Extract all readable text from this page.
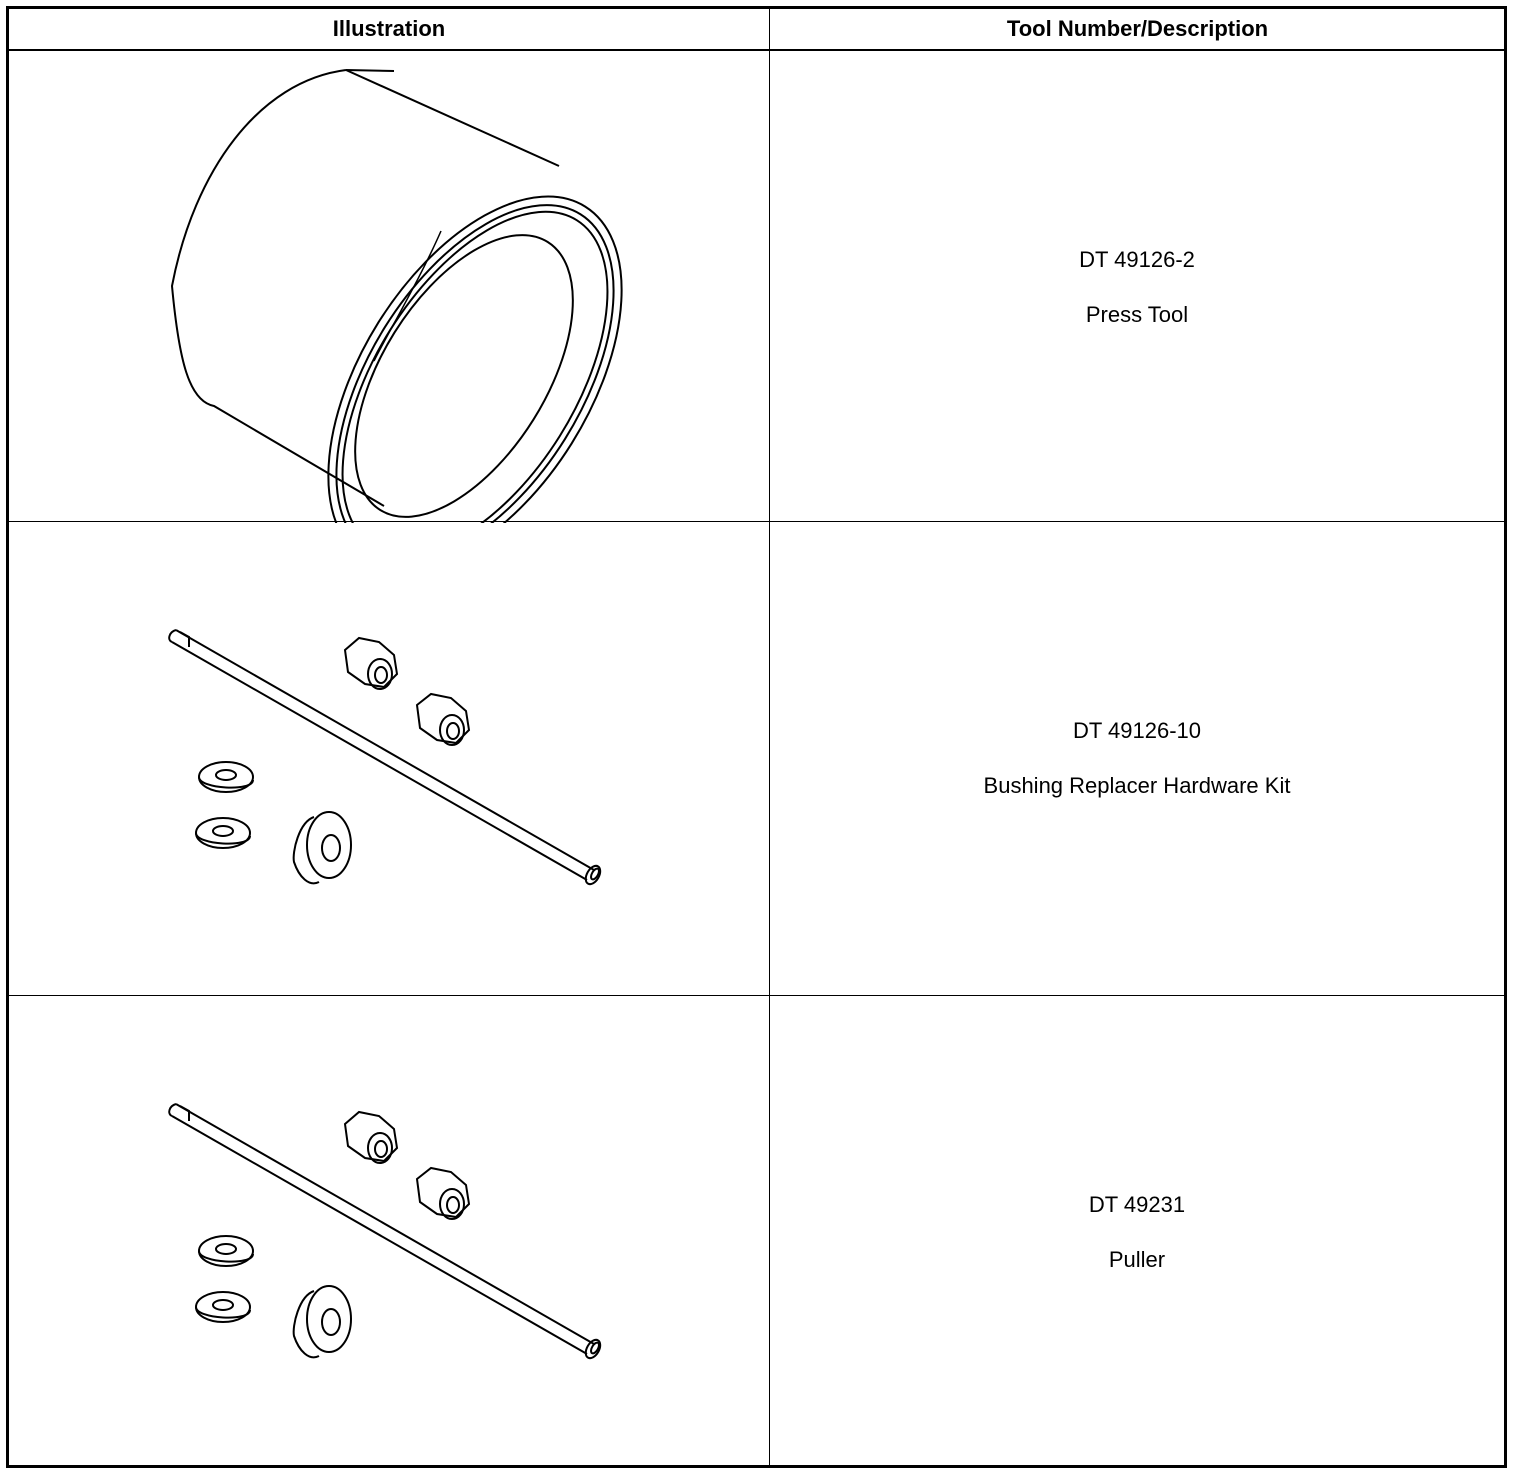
Illustration	Tool Number/Description
DT 49126-2
Press Tool
DT 49126-10
Bushing Replacer Hardware Kit
DT 49231
Puller
